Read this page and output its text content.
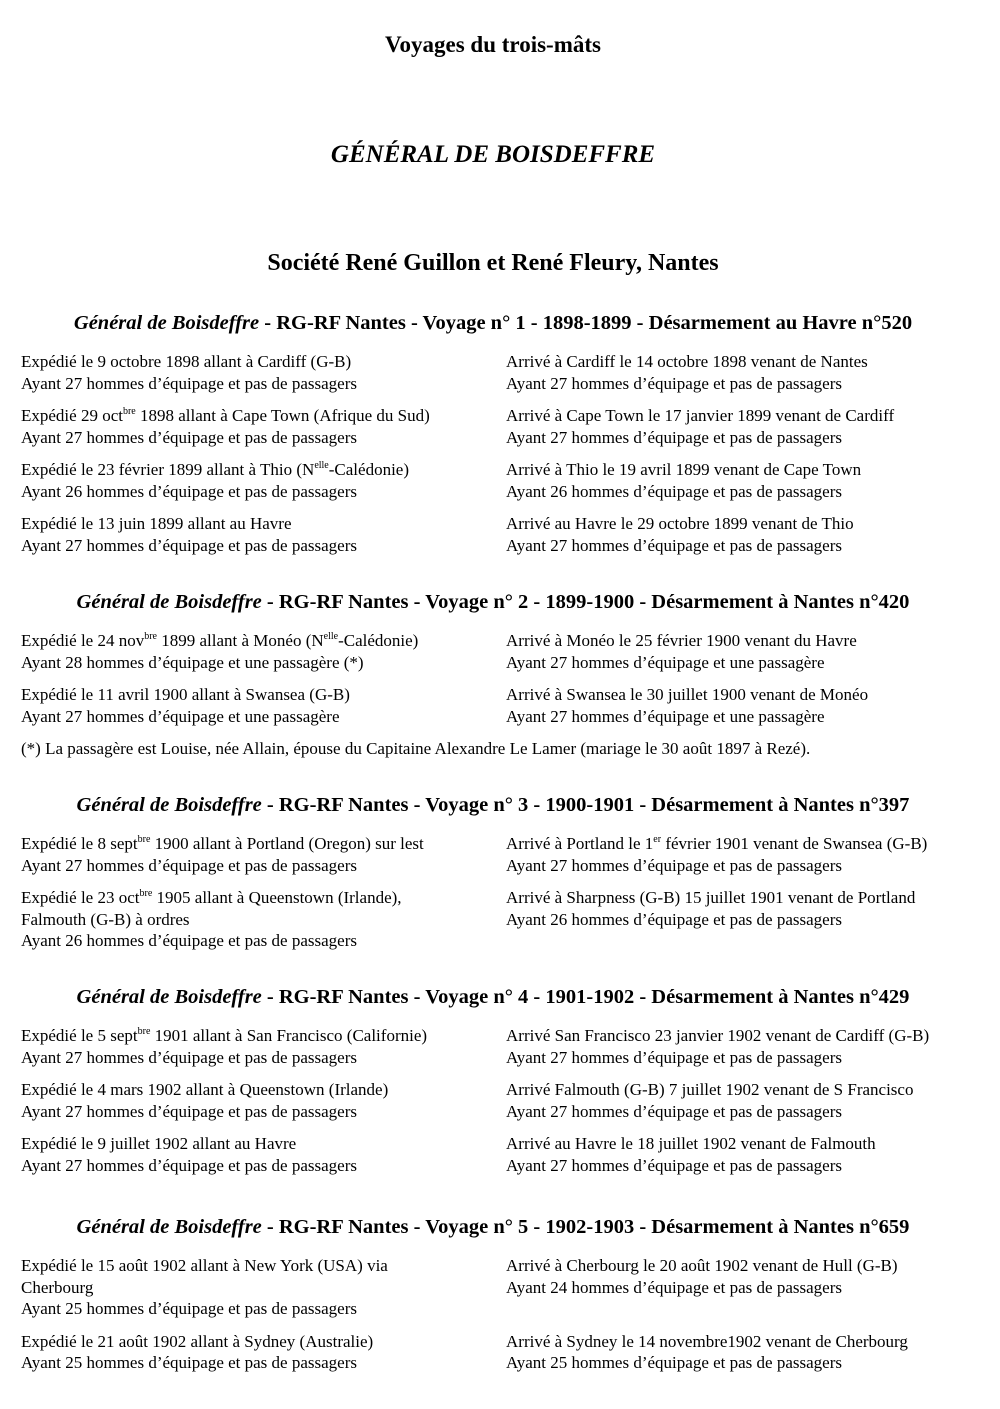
Voyages du trois-mâts
GÉNÉRAL DE BOISDEFFRE
Société René Guillon et René Fleury, Nantes
Général de Boisdeffre - RG-RF Nantes - Voyage n° 1 - 1898-1899 - Désarmement au Havre n°520
Expédié le 9 octobre 1898 allant à Cardiff (G-B)
Ayant 27 hommes d’équipage et pas de passagers
Arrivé à Cardiff le 14 octobre 1898 venant de Nantes
Ayant 27 hommes d’équipage et pas de passagers
Expédié 29 oct$^{bre}$ 1898 allant à Cape Town (Afrique du Sud)
Ayant 27 hommes d’équipage et pas de passagers
Arrivé à Cape Town le 17 janvier 1899 venant de Cardiff
Ayant 27 hommes d’équipage et pas de passagers
Expédié le 23 février 1899 allant à Thio $(N^{elle}-Calédonie)$
Ayant 26 hommes d’équipage et pas de passagers
Arrivé à Thio le 19 avril 1899 venant de Cape Town
Ayant 26 hommes d’équipage et pas de passagers
Expédié le 13 juin 1899 allant au Havre
Ayant 27 hommes d’équipage et pas de passagers
Arrivé au Havre le 29 octobre 1899 venant de Thio
Ayant 27 hommes d’équipage et pas de passagers
Général de Boisdeffre - RG-RF Nantes - Voyage n° 2 - 1899-1900 - Désarmement à Nantes n°420
Expédié le 24 nov$^{bre}$ 1899 allant à Monéo $(N^{elle}-Calédonie)$
Ayant 28 hommes d’équipage et une passagère (*)
Arrivé à Monéo le 25 février 1900 venant du Havre
Ayant 27 hommes d’équipage et une passagère
Expédié le 11 avril 1900 allant à Swansea (G-B)
Ayant 27 hommes d’équipage et une passagère
Arrivé à Swansea le 30 juillet 1900 venant de Monéo
Ayant 27 hommes d’équipage et une passagère
(*) La passagère est Louise, née Allain, épouse du Capitaine Alexandre Le Lamer (mariage le 30 août 1897 à Rezé).
Général de Boisdeffre - RG-RF Nantes - Voyage n° 3 - 1900-1901 - Désarmement à Nantes n°397
Expédié le 8 sept$^{bre}$ 1900 allant à Portland (Oregon) sur lest
Ayant 27 hommes d’équipage et pas de passagers
Arrivé à Portland le 1er février 1901 venant de Swansea (G-B)
Ayant 27 hommes d’équipage et pas de passagers
Expédié le 23 oct$^{bre}$ 1905 allant à Queenstown (Irlande),
Falmouth (G-B) à ordres
Ayant 26 hommes d’équipage et pas de passagers
Arrivé à Sharpness (G-B) 15 juillet 1901 venant de Portland
Ayant 26 hommes d’équipage et pas de passagers
Général de Boisdeffre - RG-RF Nantes - Voyage n° 4 - 1901-1902 - Désarmement à Nantes n°429
Expédié le 5 sept$^{bre}$ 1901 allant à San Francisco (Californie)
Ayant 27 hommes d’équipage et pas de passagers
Arrivé San Francisco 23 janvier 1902 venant de Cardiff (G-B)
Ayant 27 hommes d’équipage et pas de passagers
Expédié le 4 mars 1902 allant à Queenstown (Irlande)
Ayant 27 hommes d’équipage et pas de passagers
Arrivé Falmouth (G-B) 7 juillet 1902 venant de S Francisco
Ayant 27 hommes d’équipage et pas de passagers
Expédié le 9 juillet 1902 allant au Havre
Ayant 27 hommes d’équipage et pas de passagers
Arrivé au Havre le 18 juillet 1902 venant de Falmouth
Ayant 27 hommes d’équipage et pas de passagers
Général de Boisdeffre - RG-RF Nantes - Voyage n° 5 - 1902-1903 - Désarmement à Nantes n°659
Expédié le 15 août 1902 allant à New York (USA) via
Cherbourg
Ayant 25 hommes d’équipage et pas de passagers
Arrivé à Cherbourg le 20 août 1902 venant de Hull (G-B)
Ayant 24 hommes d’équipage et pas de passagers
Expédié le 21 août 1902 allant à Sydney (Australie)
Ayant 25 hommes d’équipage et pas de passagers
Arrivé à Sydney le 14 novembre1902 venant de Cherbourg
Ayant 25 hommes d’équipage et pas de passagers
